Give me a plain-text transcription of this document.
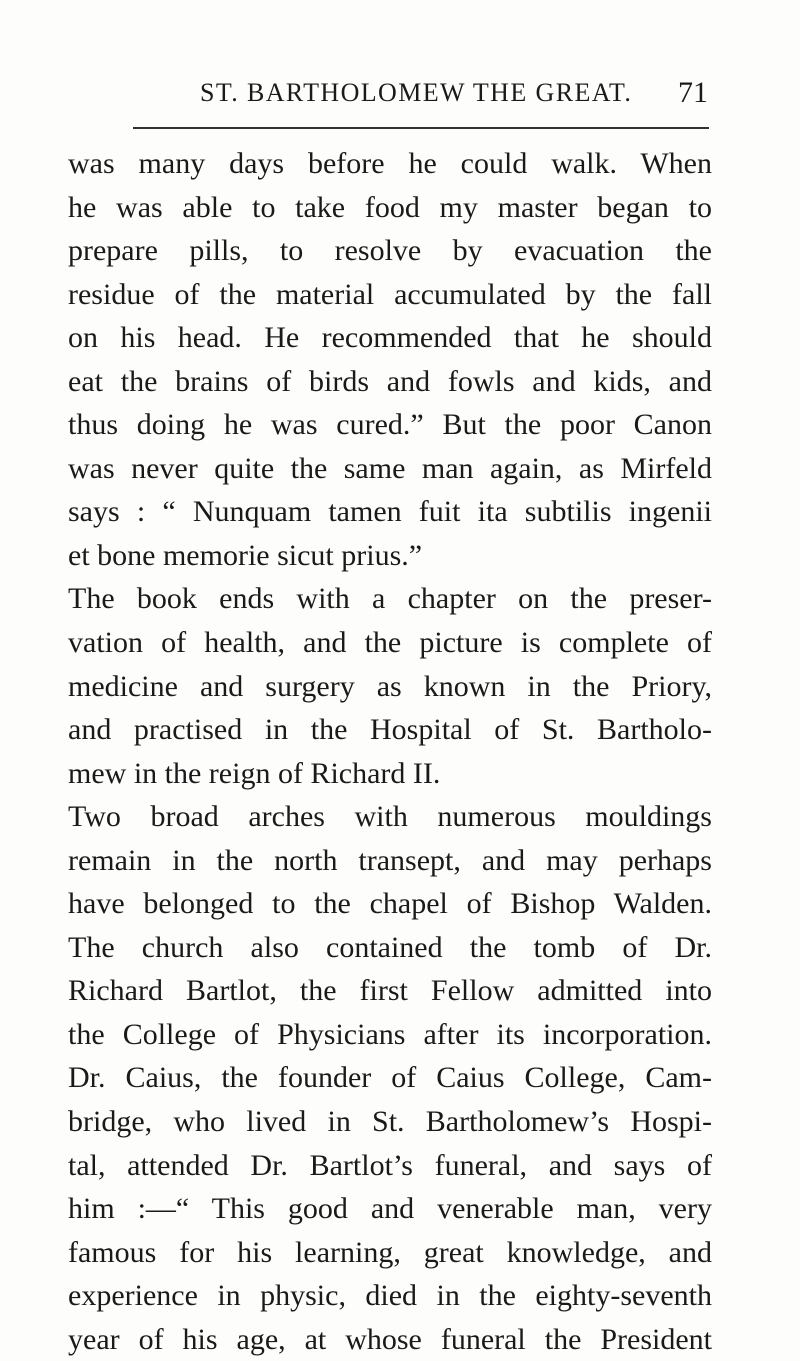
ST. BARTHOLOMEW THE GREAT. 71
was many days before he could walk. When
he was able to take food my master began to
prepare pills, to resolve by evacuation the
residue of the material accumulated by the fall
on his head. He recommended that he should
eat the brains of birds and fowls and kids, and
thus doing he was cured.” But the poor Canon
was never quite the same man again, as Mirfeld
says : “ Nunquam tamen fuit ita subtilis ingenii
et bone memorie sicut prius.”
The book ends with a chapter on the preser-
vation of health, and the picture is complete of
medicine and surgery as known in the Priory,
and practised in the Hospital of St. Bartholo-
mew in the reign of Richard II.
Two broad arches with numerous mouldings
remain in the north transept, and may perhaps
have belonged to the chapel of Bishop Walden.
The church also contained the tomb of Dr.
Richard Bartlot, the first Fellow admitted into
the College of Physicians after its incorporation.
Dr. Caius, the founder of Caius College, Cam-
bridge, who lived in St. Bartholomew’s Hospi-
tal, attended Dr. Bartlot’s funeral, and says of
him :—“ This good and venerable man, very
famous for his learning, great knowledge, and
experience in physic, died in the eighty-seventh
year of his age, at whose funeral the President
